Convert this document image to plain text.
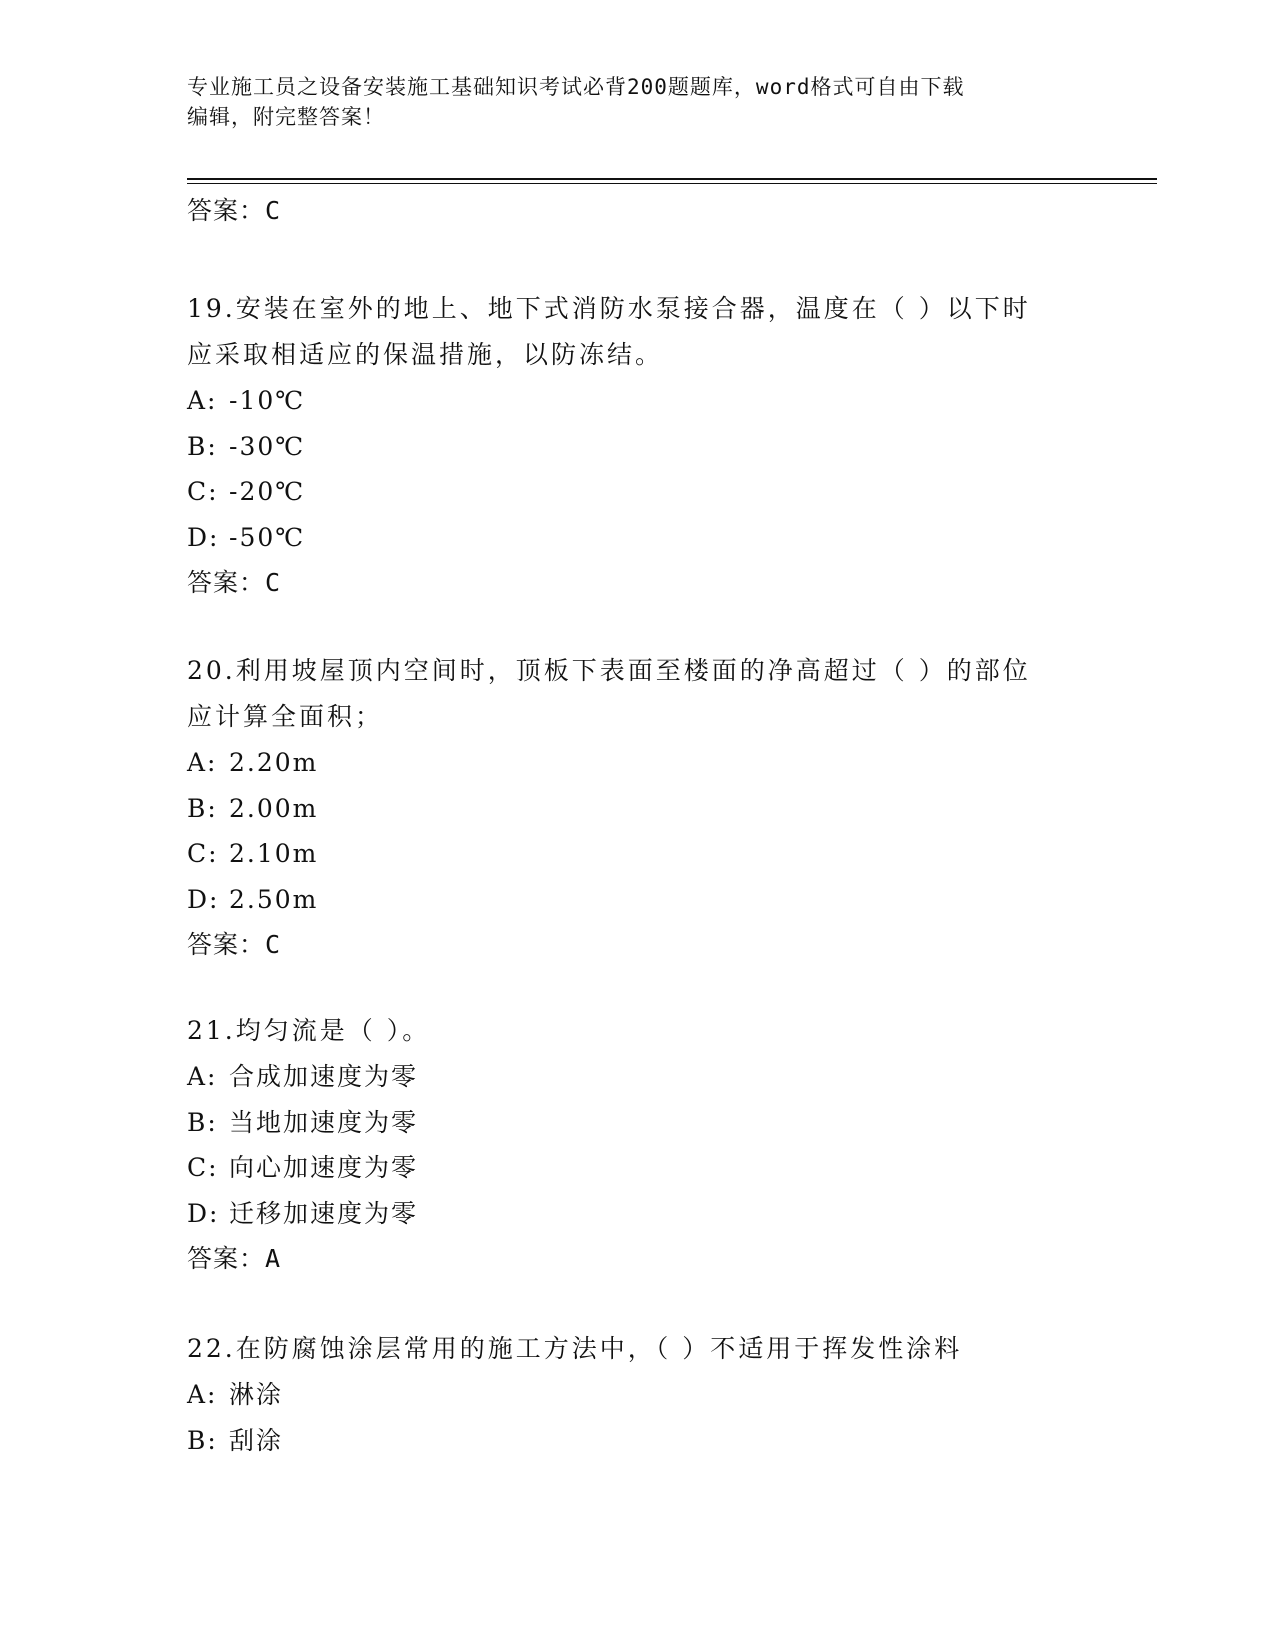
专业施工员之设备安装施工基础知识考试必背200题题库，word格式可自由下载
编辑，附完整答案！
答案：C
19.安装在室外的地上、地下式消防水泵接合器，温度在（ ）以下时
应采取相适应的保温措施，以防冻结。
A: -10℃
B: -30℃
C: -20℃
D: -50℃
答案：C
20.利用坡屋顶内空间时，顶板下表面至楼面的净高超过（ ）的部位
应计算全面积；
A: 2.20m
B: 2.00m
C: 2.10m
D: 2.50m
答案：C
21.均匀流是（ ）。
A: 合成加速度为零
B: 当地加速度为零
C: 向心加速度为零
D: 迁移加速度为零
答案：A
22.在防腐蚀涂层常用的施工方法中，（ ）不适用于挥发性涂料
A: 淋涂
B: 刮涂
